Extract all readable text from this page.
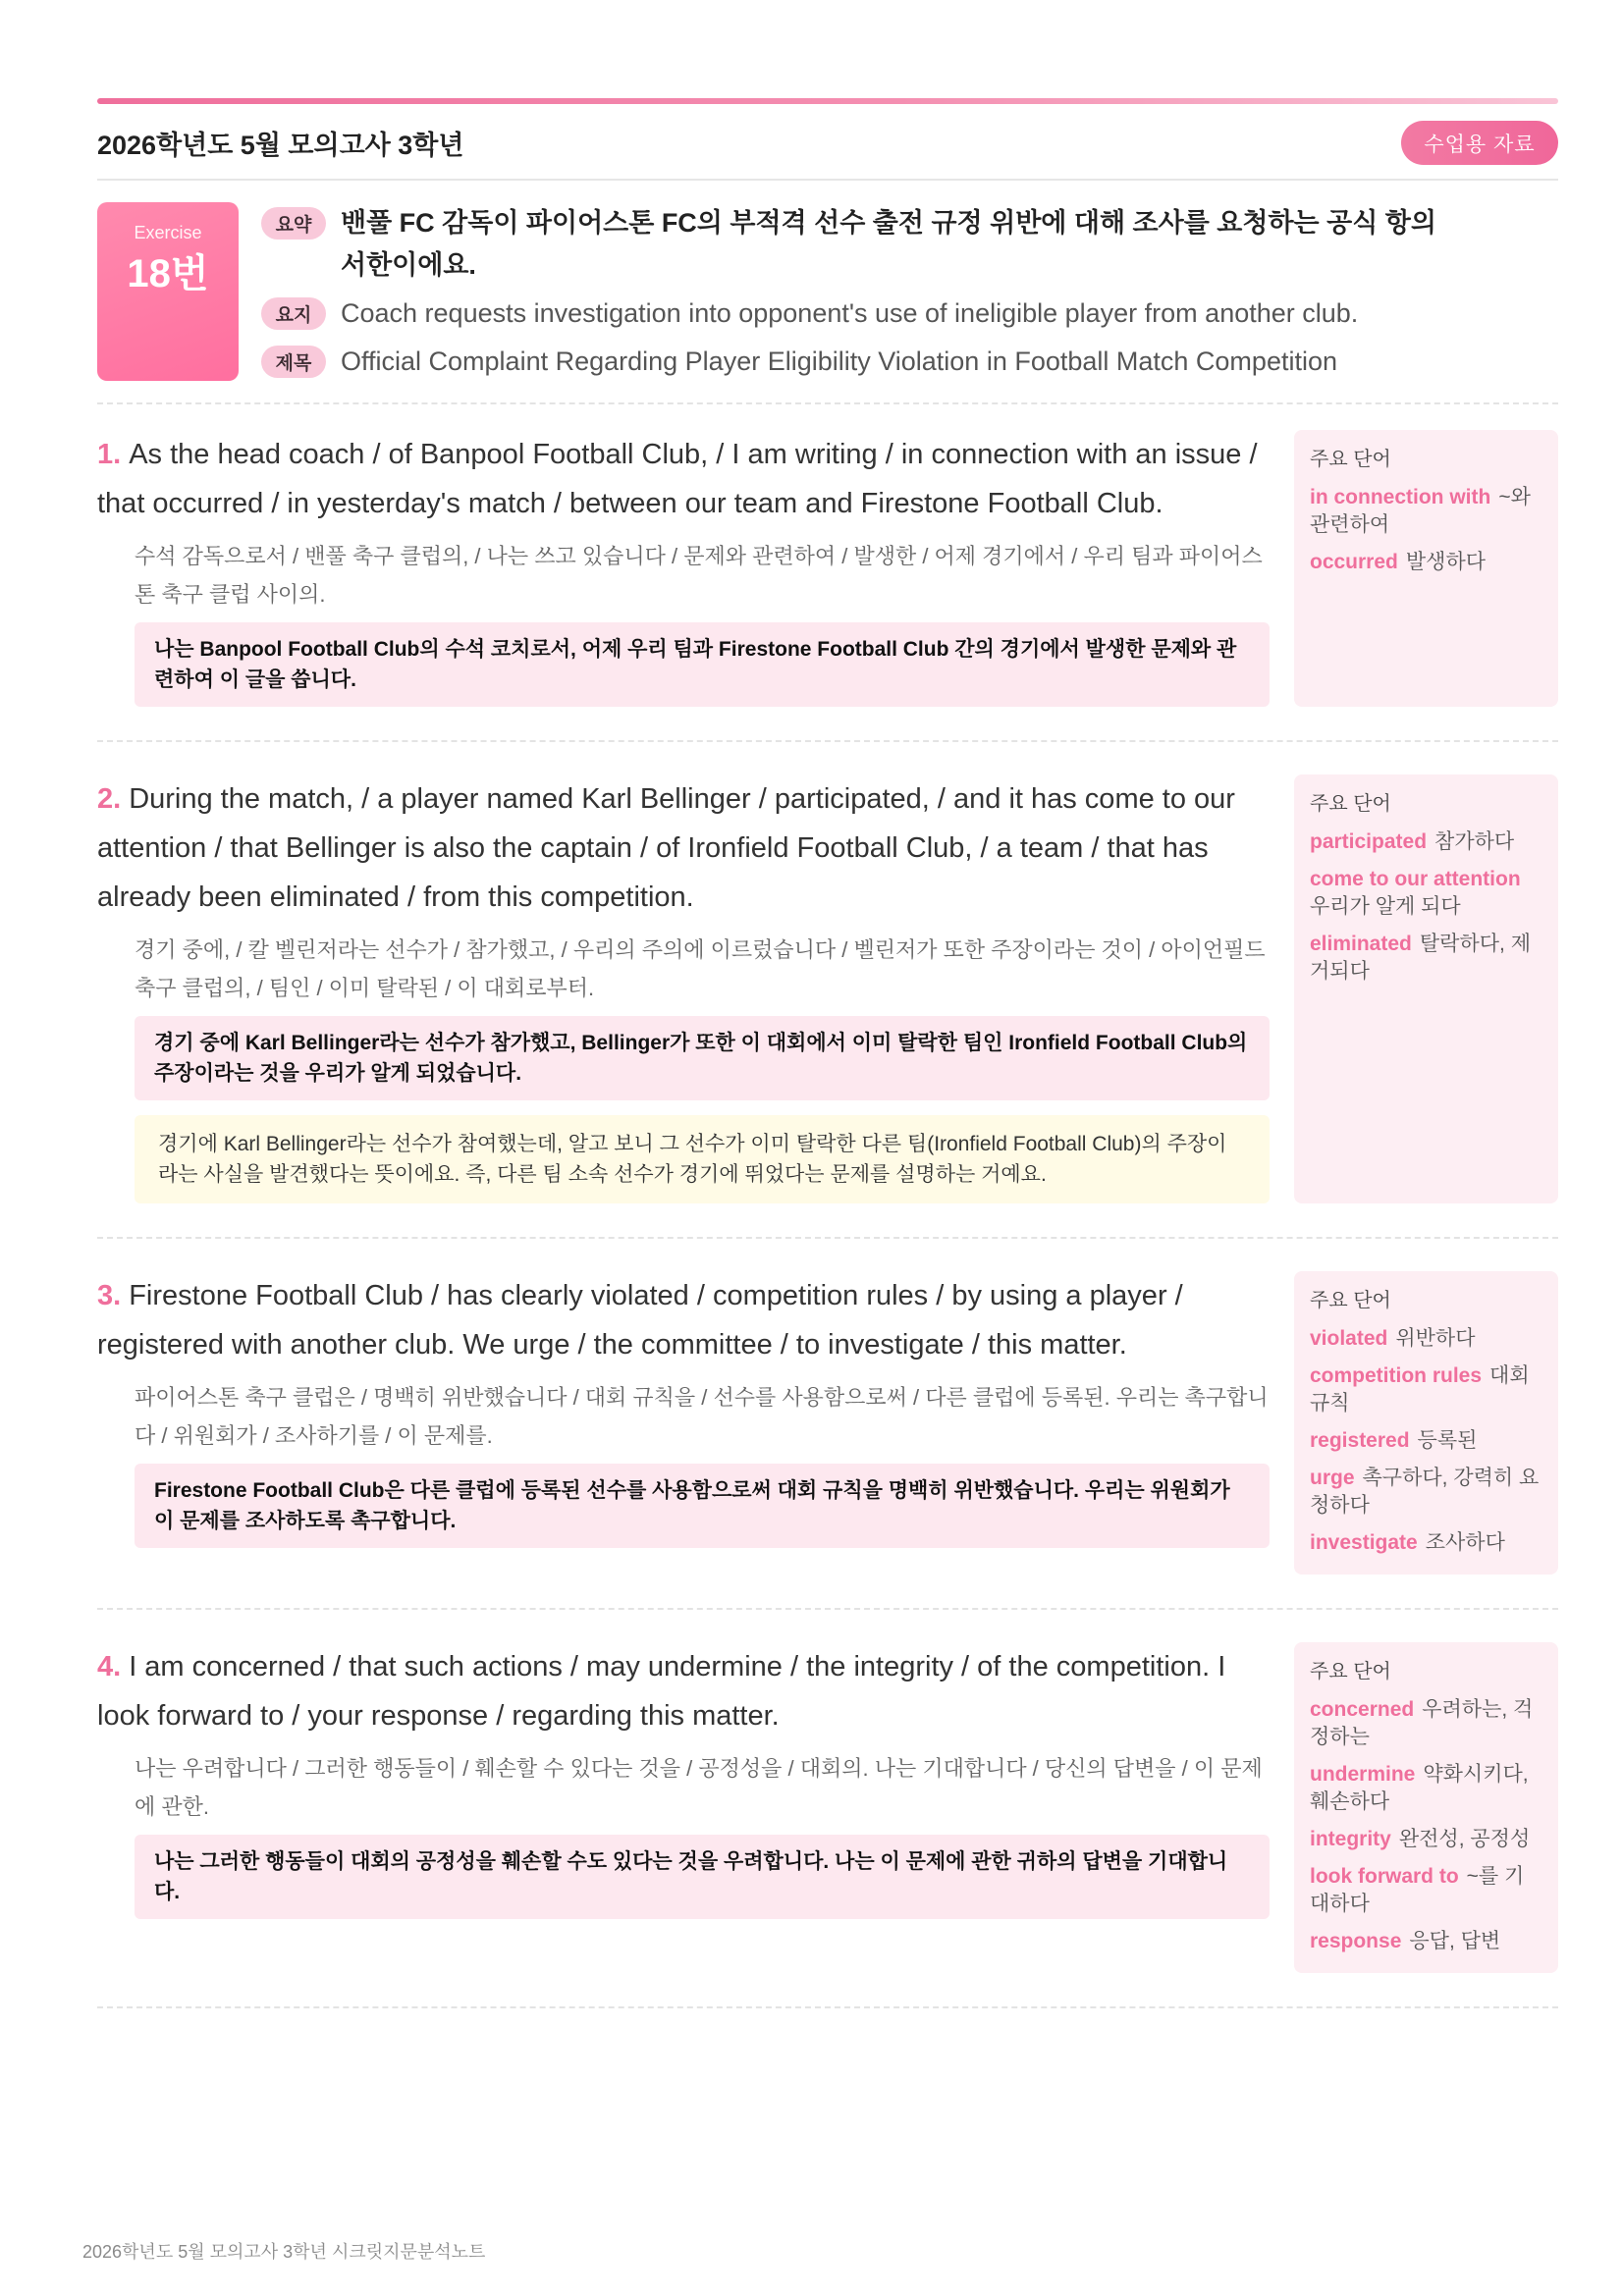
2026학년도 5월 모의고사 3학년	수업용 자료
Exercise
18번
요약	밴풀 FC 감독이 파이어스톤 FC의 부적격 선수 출전 규정 위반에 대해 조사를 요청하는 공식 항의 서한이에요.
요지	Coach requests investigation into opponent's use of ineligible player from another club.
제목	Official Complaint Regarding Player Eligibility Violation in Football Match Competition

1. As the head coach / of Banpool Football Club, / I am writing / in connection with an issue / that occurred / in yesterday's match / between our team and Firestone Football Club.

수석 감독으로서 / 밴풀 축구 클럽의, / 나는 쓰고 있습니다 / 문제와 관련하여 / 발생한 / 어제 경기에서 / 우리 팀과 파이어스톤 축구 클럽 사이의.

나는 Banpool Football Club의 수석 코치로서, 어제 우리 팀과 Firestone Football Club 간의 경기에서 발생한 문제와 관련하여 이 글을 씁니다.
주요 단어
in connection with ~와 관련하여
occurred 발생하다

2. During the match, / a player named Karl Bellinger / participated, / and it has come to our attention / that Bellinger is also the captain / of Ironfield Football Club, / a team / that has already been eliminated / from this competition.

경기 중에, / 칼 벨린저라는 선수가 / 참가했고, / 우리의 주의에 이르렀습니다 / 벨린저가 또한 주장이라는 것이 / 아이언필드 축구 클럽의, / 팀인 / 이미 탈락된 / 이 대회로부터.

경기 중에 Karl Bellinger라는 선수가 참가했고, Bellinger가 또한 이 대회에서 이미 탈락한 팀인 Ironfield Football Club의 주장이라는 것을 우리가 알게 되었습니다.
경기에 Karl Bellinger라는 선수가 참여했는데, 알고 보니 그 선수가 이미 탈락한 다른 팀(Ironfield Football Club)의 주장이라는 사실을 발견했다는 뜻이에요. 즉, 다른 팀 소속 선수가 경기에 뛰었다는 문제를 설명하는 거예요.
주요 단어
participated 참가하다
come to our attention우리가 알게 되다
eliminated 탈락하다, 제거되다

3. Firestone Football Club / has clearly violated / competition rules / by using a player / registered with another club. We urge / the committee / to investigate / this matter.

파이어스톤 축구 클럽은 / 명백히 위반했습니다 / 대회 규칙을 / 선수를 사용함으로써 / 다른 클럽에 등록된. 우리는 촉구합니다 / 위원회가 / 조사하기를 / 이 문제를.

Firestone Football Club은 다른 클럽에 등록된 선수를 사용함으로써 대회 규칙을 명백히 위반했습니다. 우리는 위원회가 이 문제를 조사하도록 촉구합니다.
주요 단어
violated 위반하다
competition rules 대회 규칙
registered 등록된
urge 촉구하다, 강력히 요청하다
investigate 조사하다

4. I am concerned / that such actions / may undermine / the integrity / of the competition. I look forward to / your response / regarding this matter.

나는 우려합니다 / 그러한 행동들이 / 훼손할 수 있다는 것을 / 공정성을 / 대회의. 나는 기대합니다 / 당신의 답변을 / 이 문제에 관한.

나는 그러한 행동들이 대회의 공정성을 훼손할 수도 있다는 것을 우려합니다. 나는 이 문제에 관한 귀하의 답변을 기대합니다.
주요 단어
concerned 우려하는, 걱정하는
undermine 약화시키다, 훼손하다
integrity 완전성, 공정성
look forward to ~를 기대하다
response 응답, 답변
2026학년도 5월 모의고사 3학년 시크릿지문분석노트
